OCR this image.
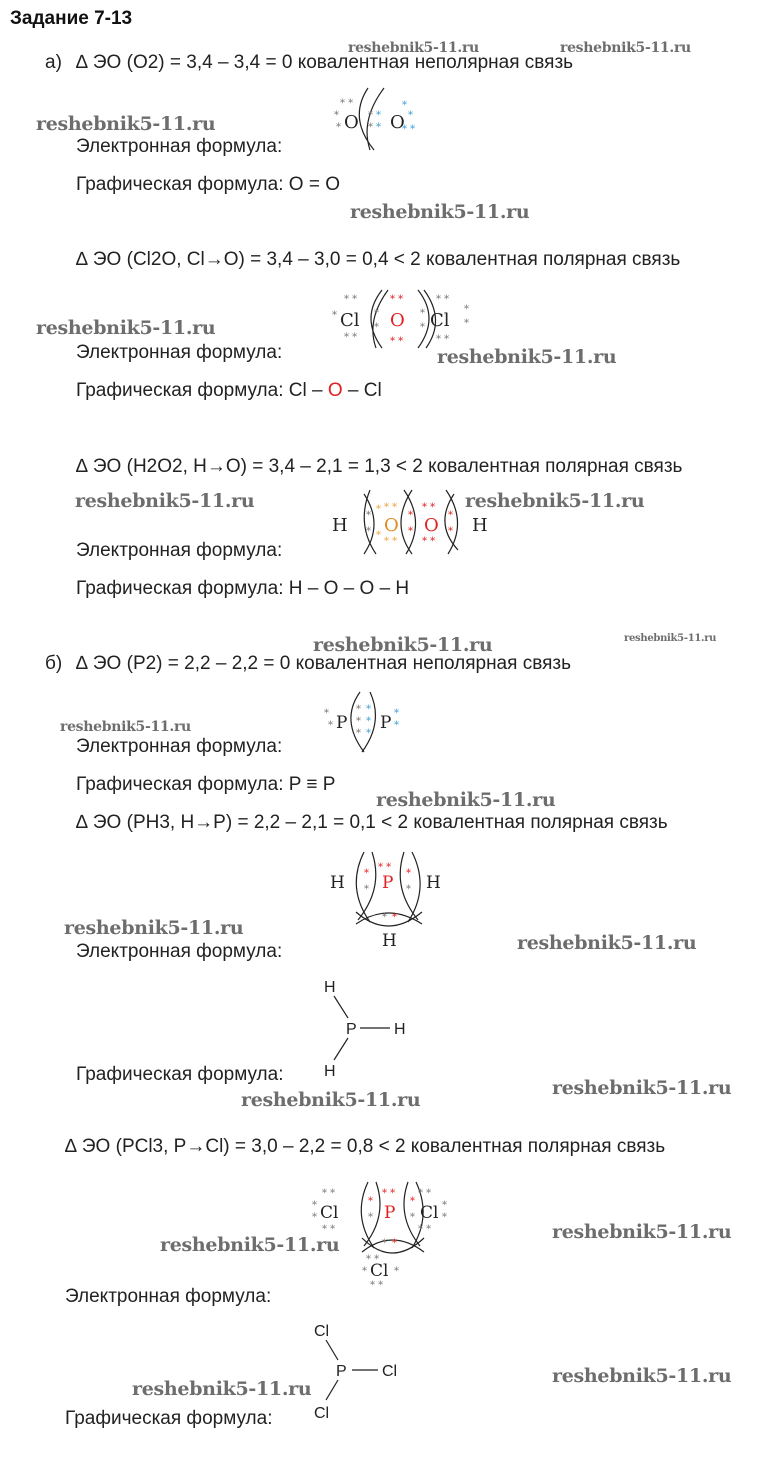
Задание 7-13
а) ∆ ЭО (O2) = 3,4 – 3,4 = 0 ковалентная неполярная связь
* *
*
* O *
*
*
* O
*
*
* *
Электронная формула:
Графическая формула: O = O
∆ ЭО (Cl2O, Cl→O) = 3,4 – 3,0 = 0,4 < 2 ковалентная полярная связь
* *
*
* *
Cl *
*
* *
* *
O *
* Cl
* *
*
*
* *
Электронная формула:
Графическая формула: Cl – O – Cl
∆ ЭО (H2O2, H→O) = 3,4 – 2,1 = 1,3 < 2 ковалентная полярная связь
H *
*
*
*
* *
* *
O *
*
* *
* *
O *
* H
Электронная формула:
Графическая формула: H – O – O – H
б) ∆ ЭО (P2) = 2,2 – 2,2 = 0 ковалентная неполярная связь
*
* P
*
*
*
*
*
*
P *
*
Электронная формула:
Графическая формула: P ≡ P
∆ ЭО (PH3, H→P) = 2,2 – 2,1 = 0,1 < 2 ковалентная полярная связь
H *
*
* *
P *
* H
* *
H
Электронная формула:
H
P H
H
Графическая формула:
∆ ЭО (PCl3, P→Cl) = 3,0 – 2,2 = 0,8 < 2 ковалентная полярная связь
* *
*
*
* *
Cl
*
*
* *
P
*
*
* *
Cl *
*
* *
* *
* *
*	*
Cl
* *
Электронная формула:
Cl
P Cl
Cl
Графическая формула:
reshebnik5-11.ru	reshebnik5-11.ru
reshebnik5-11.ru
reshebnik5-11.ru
reshebnik5-11.ru
reshebnik5-11.ru
reshebnik5-11.ru	reshebnik5-11.ru
reshebnik5-11.ru	reshebnik5-11.ru
reshebnik5-11.ru
reshebnik5-11.ru
reshebnik5-11.ru
reshebnik5-11.ru
reshebnik5-11.ru
reshebnik5-11.ru
reshebnik5-11.ru
reshebnik5-11.ru
reshebnik5-11.ru
reshebnik5-11.ru
